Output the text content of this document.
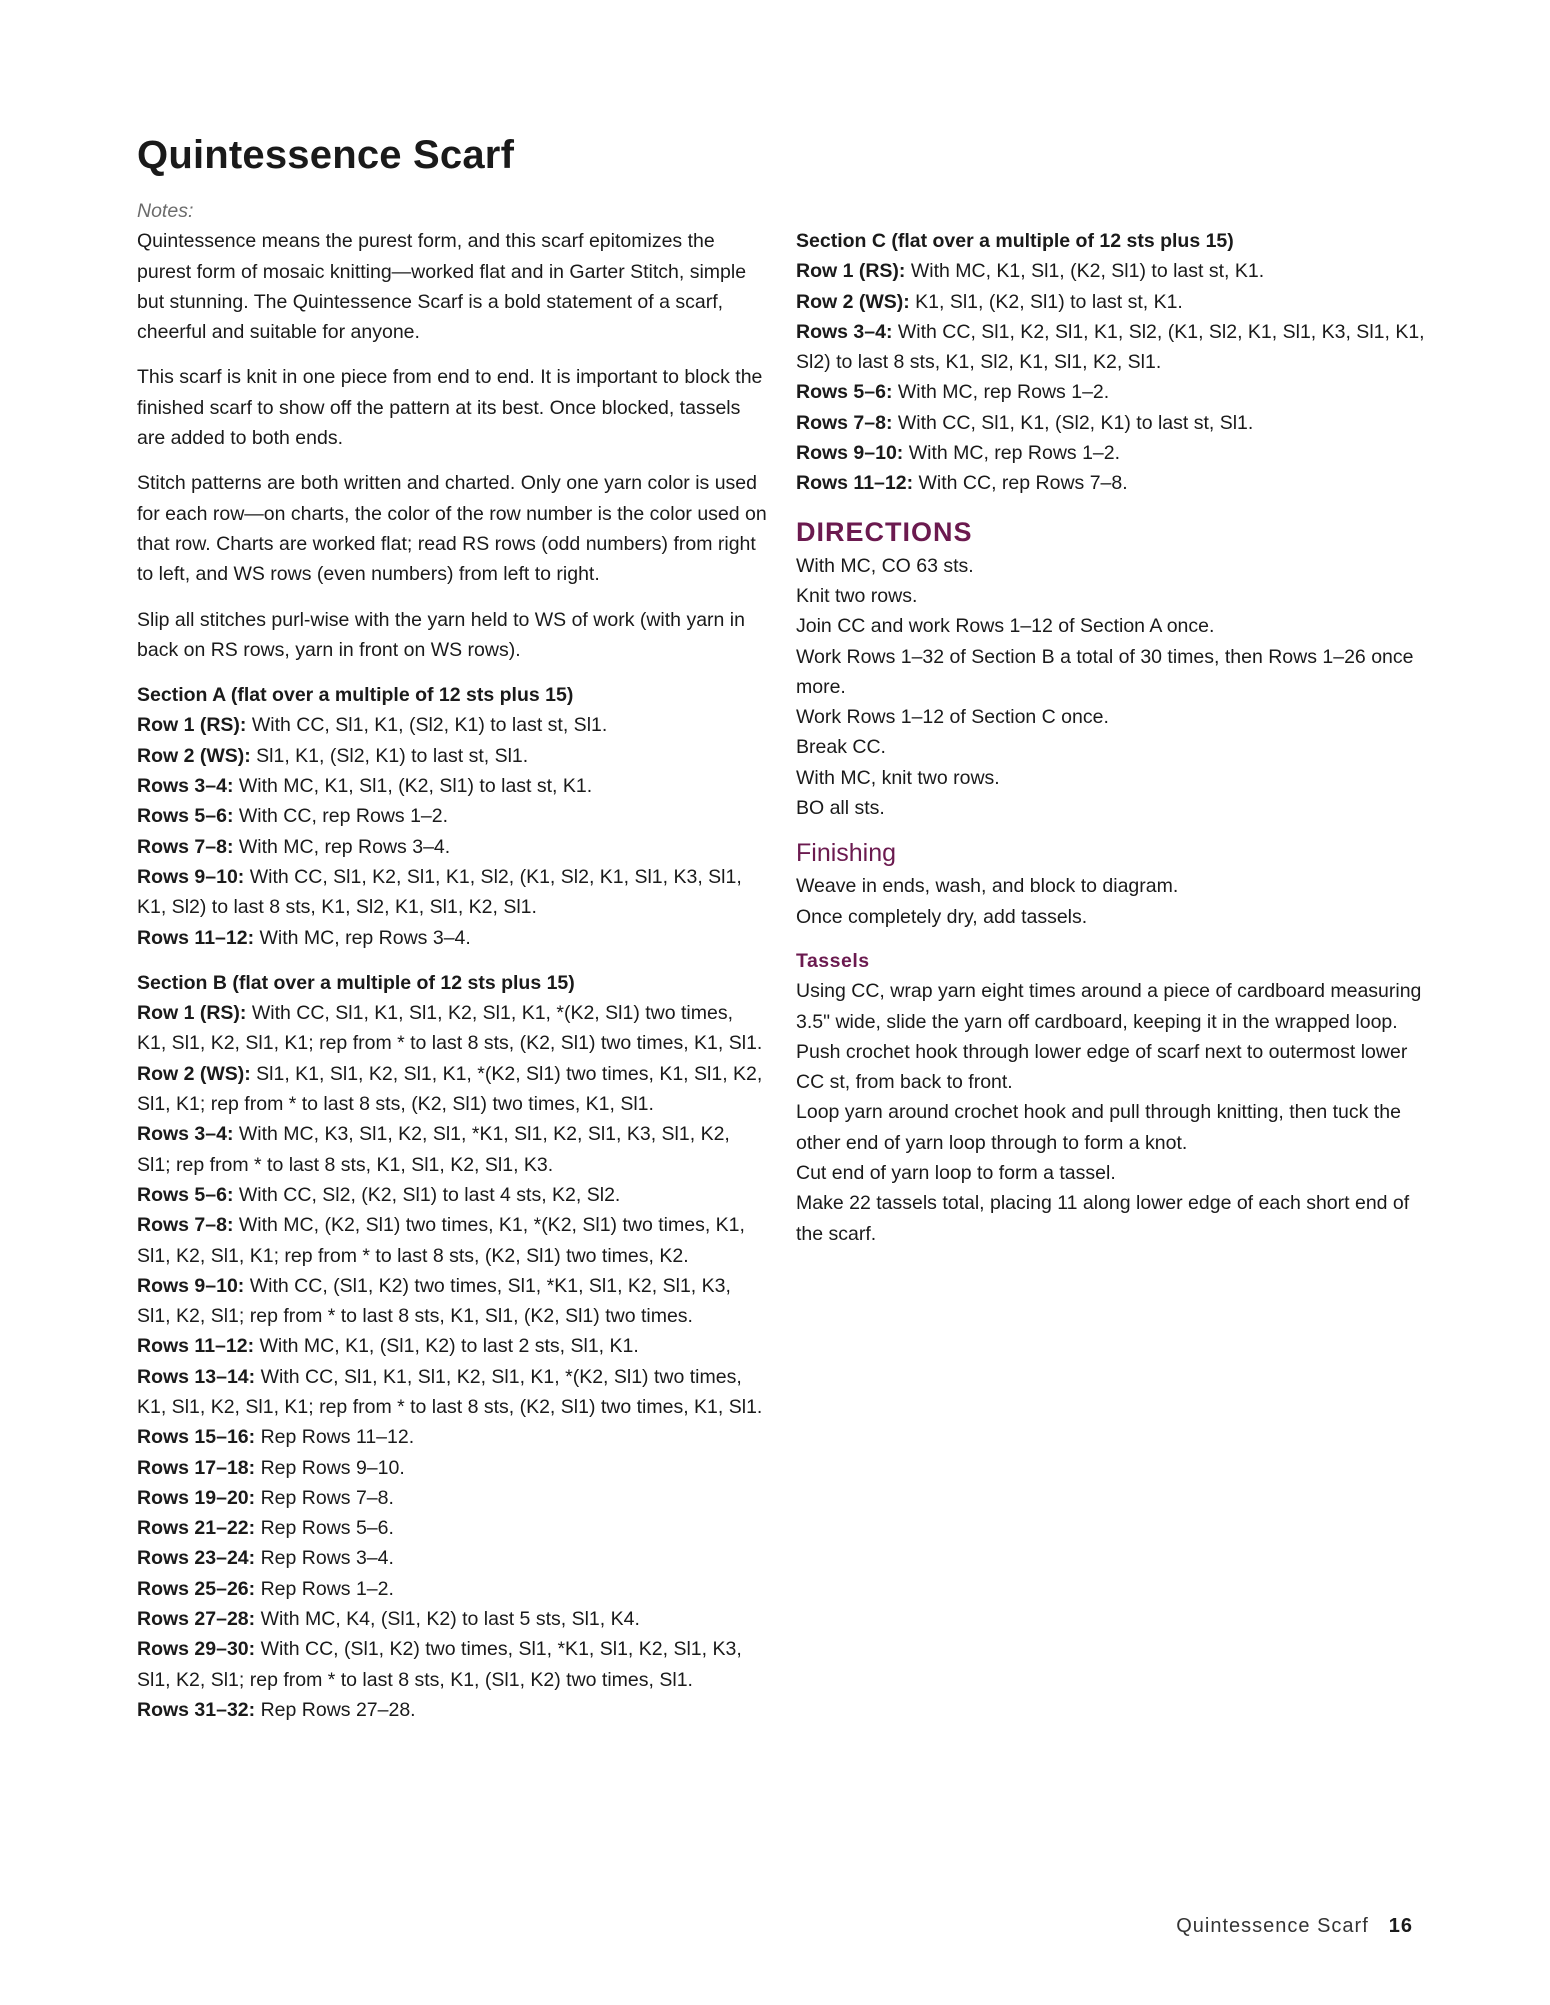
Quintessence Scarf

Notes:

Quintessence means the purest form, and this scarf epitomizes the purest form of mosaic knitting—worked flat and in Garter Stitch, simple but stunning. The Quintessence Scarf is a bold statement of a scarf, cheerful and suitable for anyone.

This scarf is knit in one piece from end to end. It is important to block the finished scarf to show off the pattern at its best. Once blocked, tassels are added to both ends.

Stitch patterns are both written and charted. Only one yarn color is used for each row—on charts, the color of the row number is the color used on that row. Charts are worked flat; read RS rows (odd numbers) from right to left, and WS rows (even numbers) from left to right.

Slip all stitches purl-wise with the yarn held to WS of work (with yarn in back on RS rows, yarn in front on WS rows).

Section A (flat over a multiple of 12 sts plus 15)

Row 1 (RS): With CC, Sl1, K1, (Sl2, K1) to last st, Sl1.

Row 2 (WS): Sl1, K1, (Sl2, K1) to last st, Sl1.

Rows 3–4: With MC, K1, Sl1, (K2, Sl1) to last st, K1.

Rows 5–6: With CC, rep Rows 1–2.

Rows 7–8: With MC, rep Rows 3–4.

Rows 9–10: With CC, Sl1, K2, Sl1, K1, Sl2, (K1, Sl2, K1, Sl1, K3, Sl1, K1, Sl2) to last 8 sts, K1, Sl2, K1, Sl1, K2, Sl1.

Rows 11–12: With MC, rep Rows 3–4.

Section B (flat over a multiple of 12 sts plus 15)

Row 1 (RS): With CC, Sl1, K1, Sl1, K2, Sl1, K1, *(K2, Sl1) two times, K1, Sl1, K2, Sl1, K1; rep from * to last 8 sts, (K2, Sl1) two times, K1, Sl1.

Row 2 (WS): Sl1, K1, Sl1, K2, Sl1, K1, *(K2, Sl1) two times, K1, Sl1, K2, Sl1, K1; rep from * to last 8 sts, (K2, Sl1) two times, K1, Sl1.

Rows 3–4: With MC, K3, Sl1, K2, Sl1, *K1, Sl1, K2, Sl1, K3, Sl1, K2, Sl1; rep from * to last 8 sts, K1, Sl1, K2, Sl1, K3.

Rows 5–6: With CC, Sl2, (K2, Sl1) to last 4 sts, K2, Sl2.

Rows 7–8: With MC, (K2, Sl1) two times, K1, *(K2, Sl1) two times, K1, Sl1, K2, Sl1, K1; rep from * to last 8 sts, (K2, Sl1) two times, K2.

Rows 9–10: With CC, (Sl1, K2) two times, Sl1, *K1, Sl1, K2, Sl1, K3, Sl1, K2, Sl1; rep from * to last 8 sts, K1, Sl1, (K2, Sl1) two times.

Rows 11–12: With MC, K1, (Sl1, K2) to last 2 sts, Sl1, K1.

Rows 13–14: With CC, Sl1, K1, Sl1, K2, Sl1, K1, *(K2, Sl1) two times, K1, Sl1, K2, Sl1, K1; rep from * to last 8 sts, (K2, Sl1) two times, K1, Sl1.

Rows 15–16: Rep Rows 11–12.

Rows 17–18: Rep Rows 9–10.

Rows 19–20: Rep Rows 7–8.

Rows 21–22: Rep Rows 5–6.

Rows 23–24: Rep Rows 3–4.

Rows 25–26: Rep Rows 1–2.

Rows 27–28: With MC, K4, (Sl1, K2) to last 5 sts, Sl1, K4.

Rows 29–30: With CC, (Sl1, K2) two times, Sl1, *K1, Sl1, K2, Sl1, K3, Sl1, K2, Sl1; rep from * to last 8 sts, K1, (Sl1, K2) two times, Sl1.

Rows 31–32: Rep Rows 27–28.

Section C (flat over a multiple of 12 sts plus 15)

Row 1 (RS): With MC, K1, Sl1, (K2, Sl1) to last st, K1.

Row 2 (WS): K1, Sl1, (K2, Sl1) to last st, K1.

Rows 3–4: With CC, Sl1, K2, Sl1, K1, Sl2, (K1, Sl2, K1, Sl1, K3, Sl1, K1, Sl2) to last 8 sts, K1, Sl2, K1, Sl1, K2, Sl1.

Rows 5–6: With MC, rep Rows 1–2.

Rows 7–8: With CC, Sl1, K1, (Sl2, K1) to last st, Sl1.

Rows 9–10: With MC, rep Rows 1–2.

Rows 11–12: With CC, rep Rows 7–8.

DIRECTIONS

With MC, CO 63 sts.

Knit two rows.

Join CC and work Rows 1–12 of Section A once.

Work Rows 1–32 of Section B a total of 30 times, then Rows 1–26 once more.

Work Rows 1–12 of Section C once.

Break CC.

With MC, knit two rows.

BO all sts.

Finishing

Weave in ends, wash, and block to diagram.

Once completely dry, add tassels.

Tassels

Using CC, wrap yarn eight times around a piece of cardboard measuring 3.5" wide, slide the yarn off cardboard, keeping it in the wrapped loop.

Push crochet hook through lower edge of scarf next to outermost lower CC st, from back to front.

Loop yarn around crochet hook and pull through knitting, then tuck the other end of yarn loop through to form a knot.

Cut end of yarn loop to form a tassel.

Make 22 tassels total, placing 11 along lower edge of each short end of the scarf.

Quintessence Scarf 16
